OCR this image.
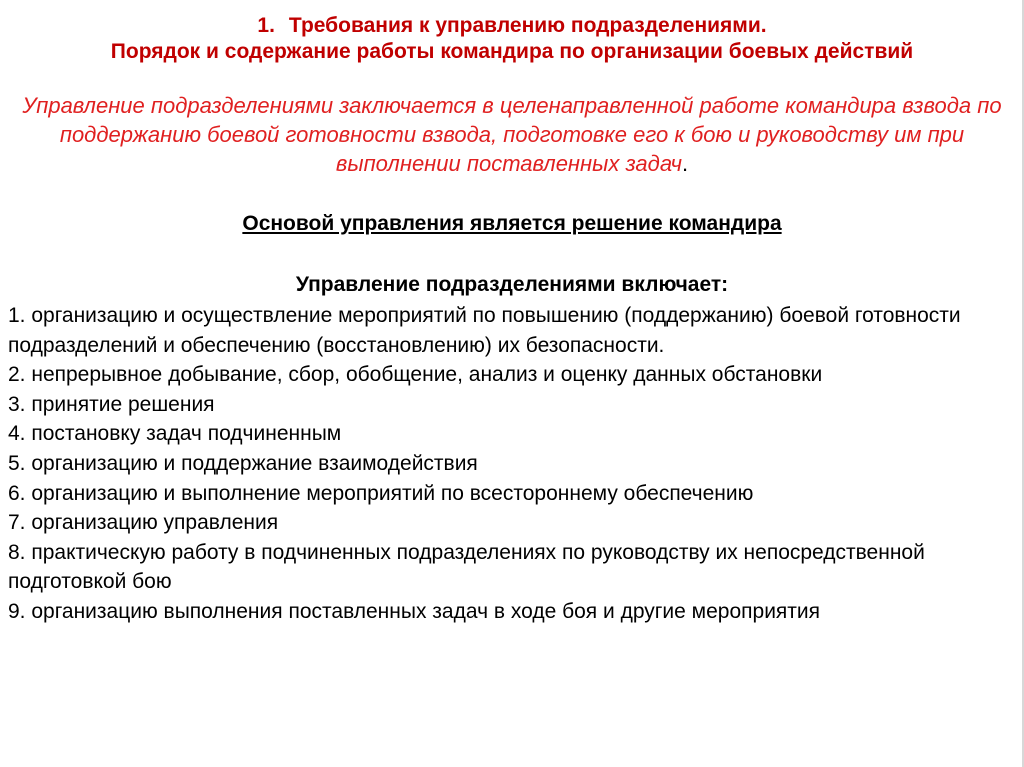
1. Требования к управлению подразделениями.
Порядок и содержание работы командира по организации боевых действий
Управление подразделениями заключается в целенаправленной работе командира взвода по поддержанию боевой готовности взвода, подготовке его к бою и руководству им при выполнении поставленных задач.
Основой управления является решение командира
Управление подразделениями включает:
1. организацию и осуществление мероприятий по повышению (поддержанию) боевой готовности подразделений и обеспечению (восстановлению) их безопасности.
2. непрерывное добывание, сбор, обобщение, анализ и оценку данных обстановки
3. принятие решения
4. постановку задач подчиненным
5. организацию и поддержание взаимодействия
6. организацию и выполнение мероприятий по всестороннему обеспечению
7. организацию управления
8. практическую работу в подчиненных подразделениях по руководству их непосредственной подготовкой бою
9. организацию выполнения поставленных задач в ходе боя и другие мероприятия
